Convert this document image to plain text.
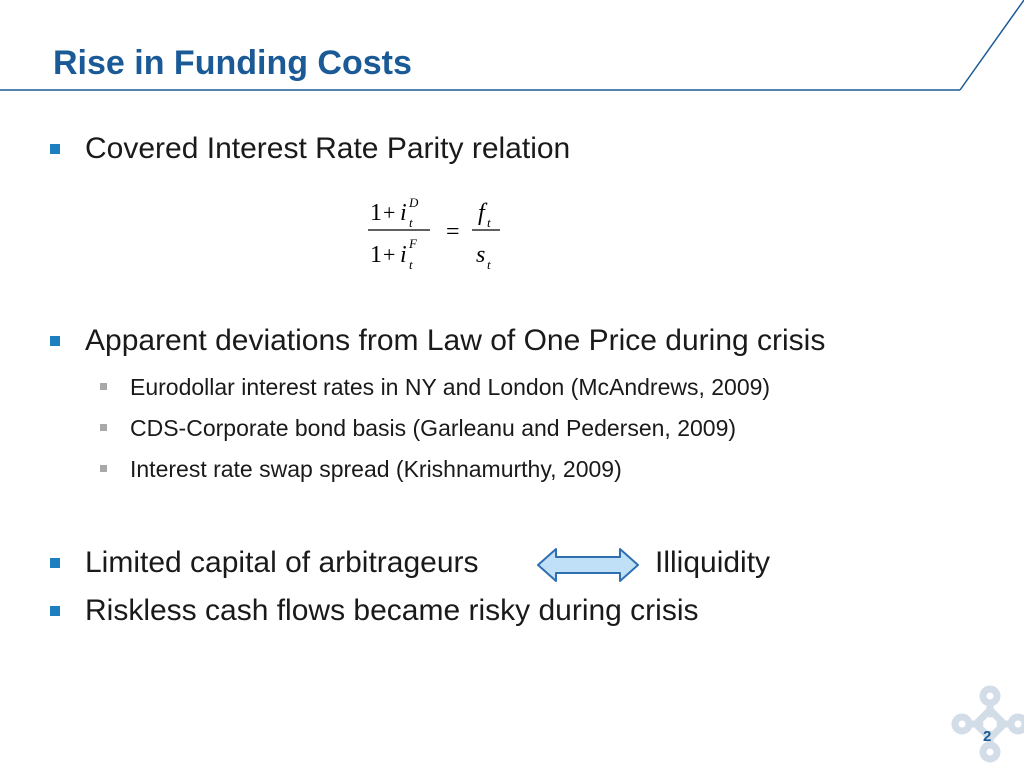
Rise in Funding Costs
Covered Interest Rate Parity relation
1 + i D
t
1 + i F
t
=
f t
s t
Apparent deviations from Law of One Price during crisis
Eurodollar interest rates in NY and London (McAndrews, 2009)
CDS-Corporate bond basis (Garleanu and Pedersen, 2009)
Interest rate swap spread (Krishnamurthy, 2009)
Limited capital of arbitrageurs	Illiquidity
Riskless cash flows became risky during crisis
2
